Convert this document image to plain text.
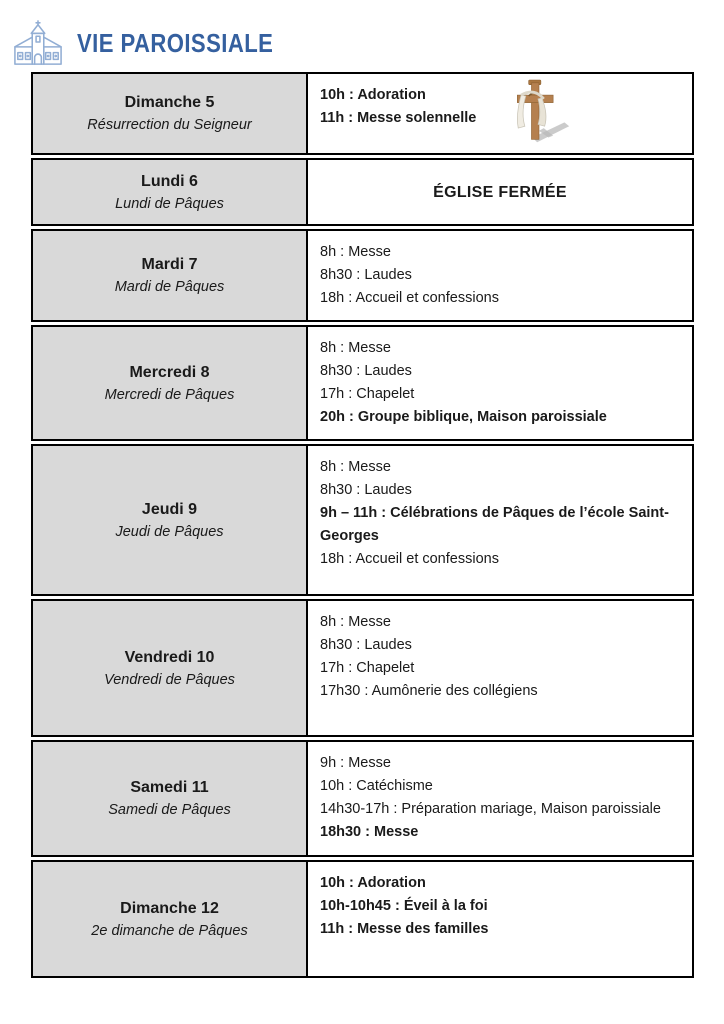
VIE PAROISSIALE
Dimanche 5
Résurrection du Seigneur
10h : Adoration
11h : Messe solennelle
Lundi 6
Lundi de Pâques
ÉGLISE FERMÉE
Mardi 7
Mardi de Pâques
8h : Messe
8h30 : Laudes
18h : Accueil et confessions
Mercredi 8
Mercredi de Pâques
8h : Messe
8h30 : Laudes
17h : Chapelet
20h : Groupe biblique, Maison paroissiale
Jeudi 9
Jeudi de Pâques
8h : Messe
8h30 : Laudes
9h – 11h : Célébrations de Pâques de l’école Saint-Georges
18h : Accueil et confessions
Vendredi 10
Vendredi de Pâques
8h : Messe
8h30 : Laudes
17h : Chapelet
17h30 : Aumônerie des collégiens
Samedi 11
Samedi de Pâques
9h : Messe
10h : Catéchisme
14h30-17h : Préparation mariage, Maison paroissiale
18h30 : Messe
Dimanche 12
2e dimanche de Pâques
10h : Adoration
10h-10h45 : Éveil à la foi
11h : Messe des familles
